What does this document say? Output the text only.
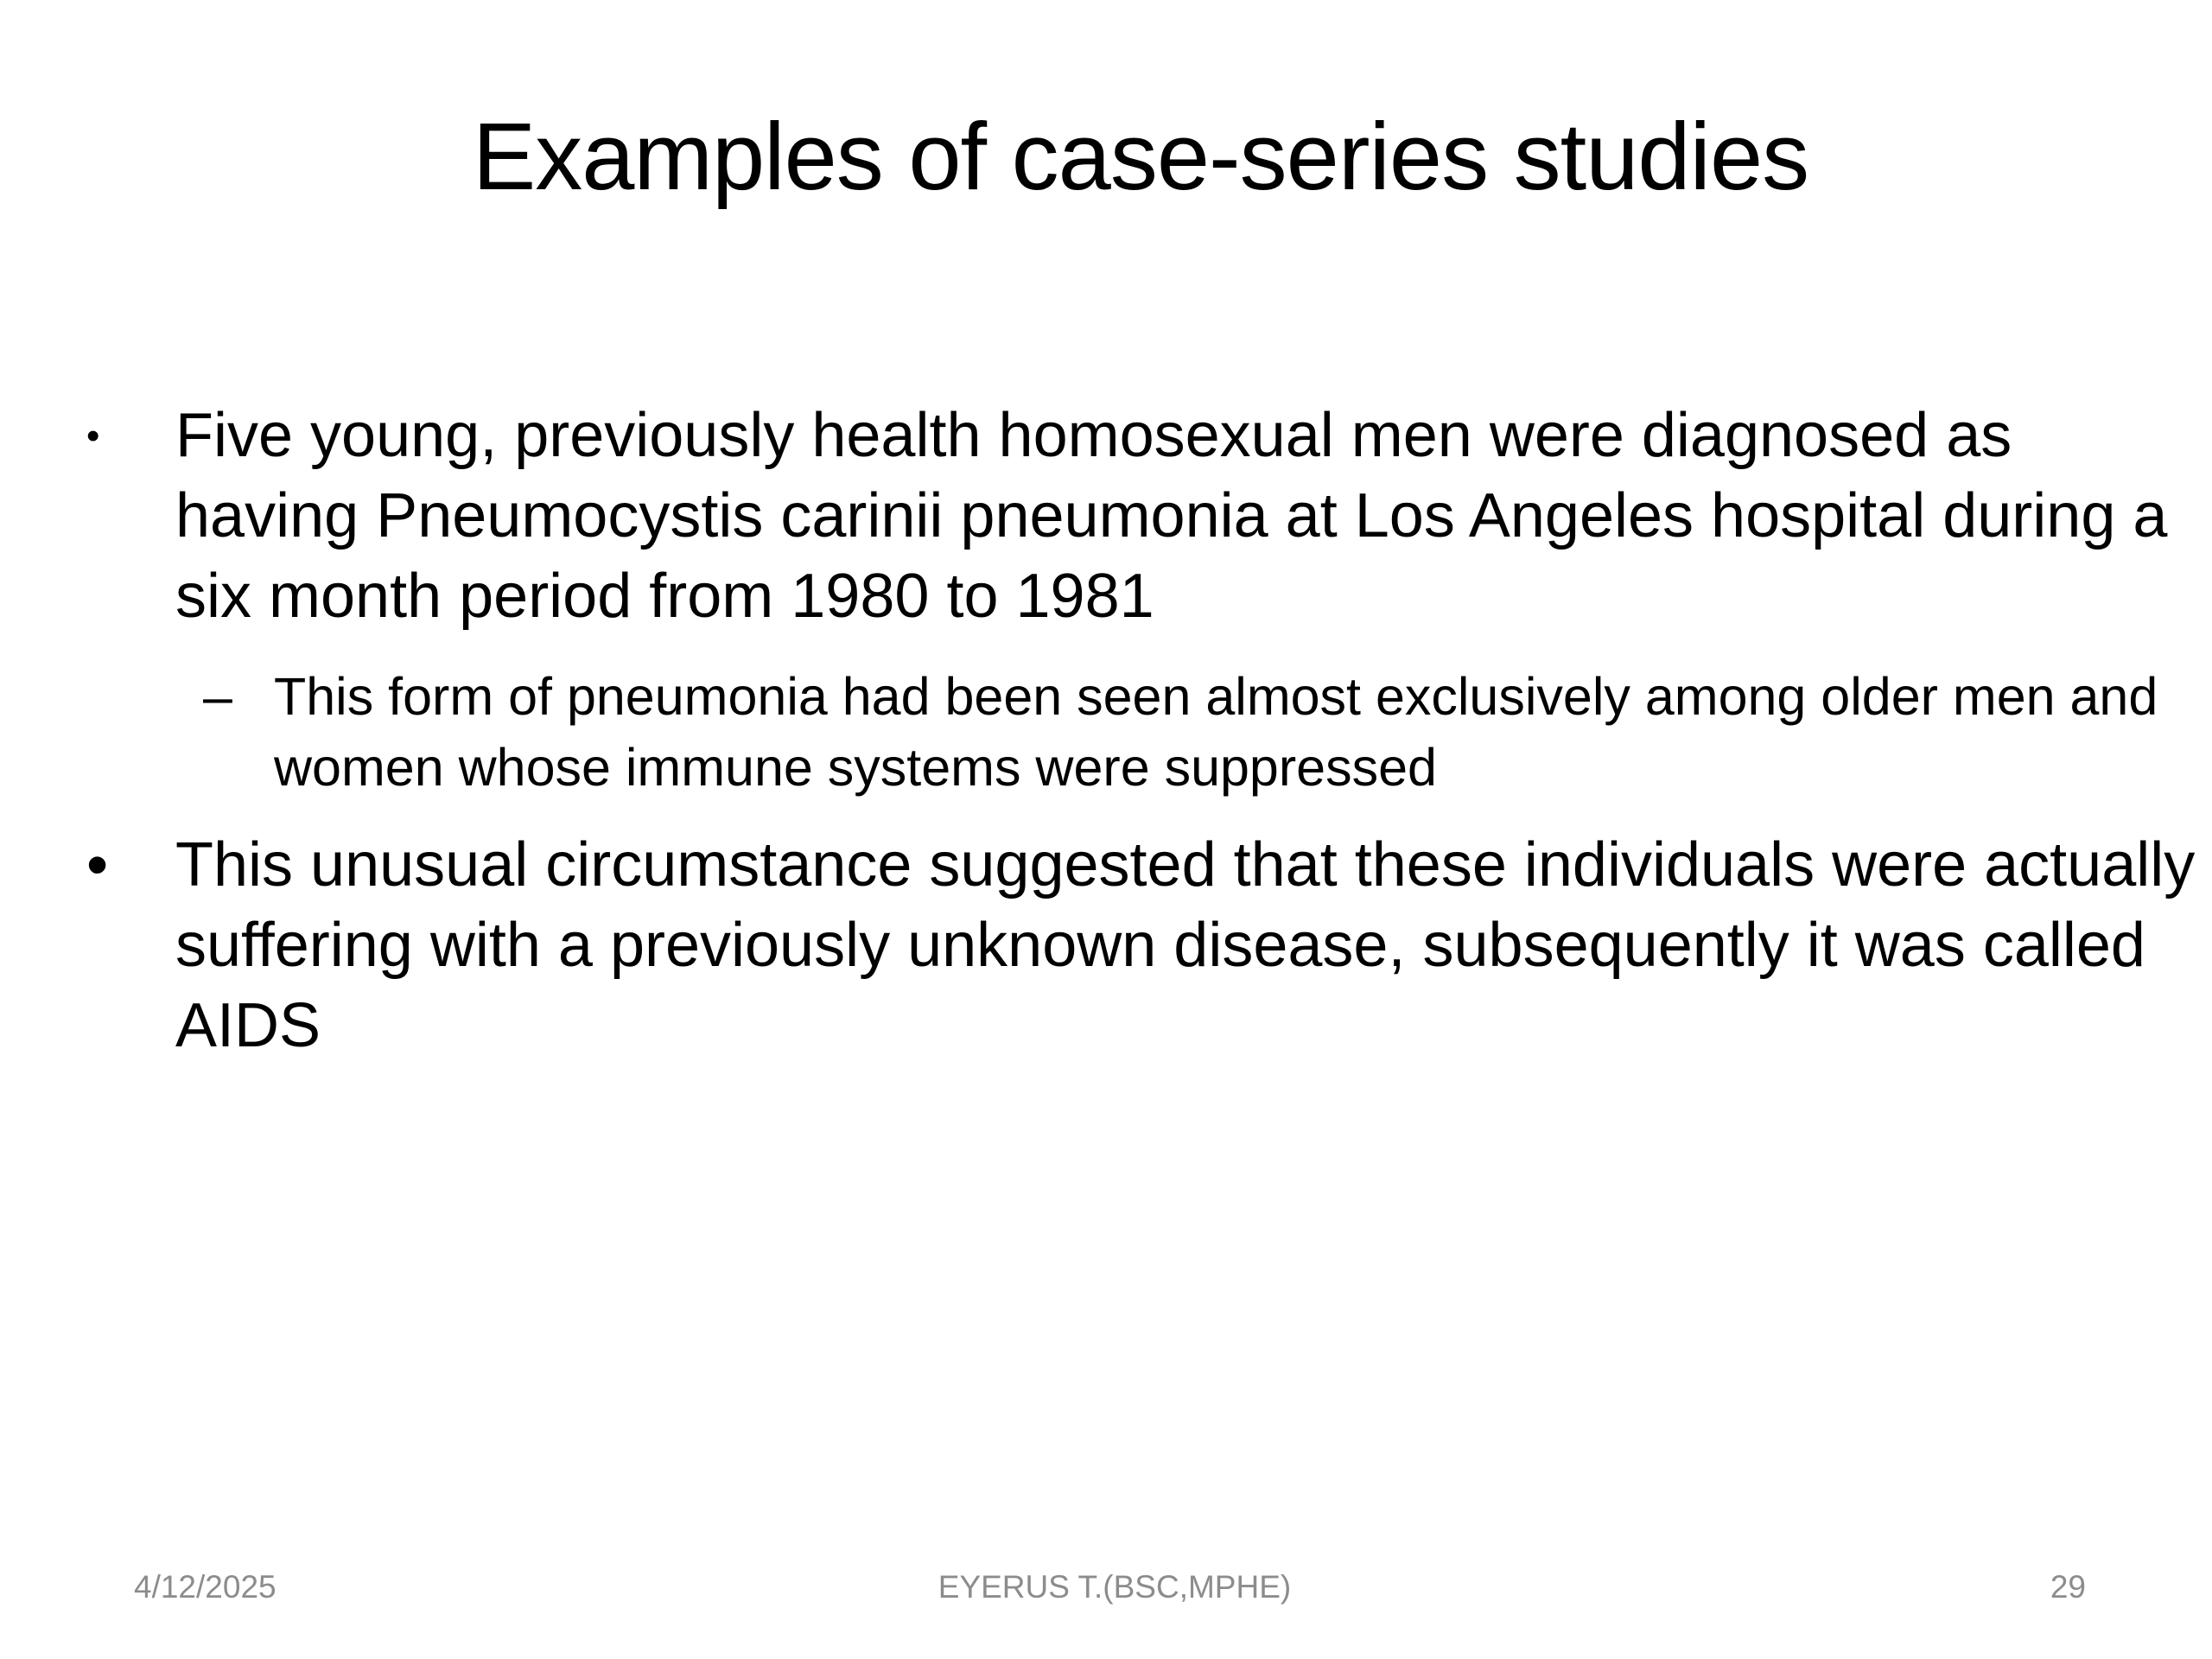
Examples of case-series studies
•	Five young, previously health homosexual men were diagnosed as having Pneumocystis carinii pneumonia at Los Angeles hospital during a six month period from 1980 to 1981
– This form of pneumonia had been seen almost exclusively among older men and women whose immune systems were suppressed
•	This unusual circumstance suggested that these individuals were actually suffering with a previously unknown disease, subsequently it was called AIDS
4/12/2025	EYERUS T.(BSC,MPHE)	29
